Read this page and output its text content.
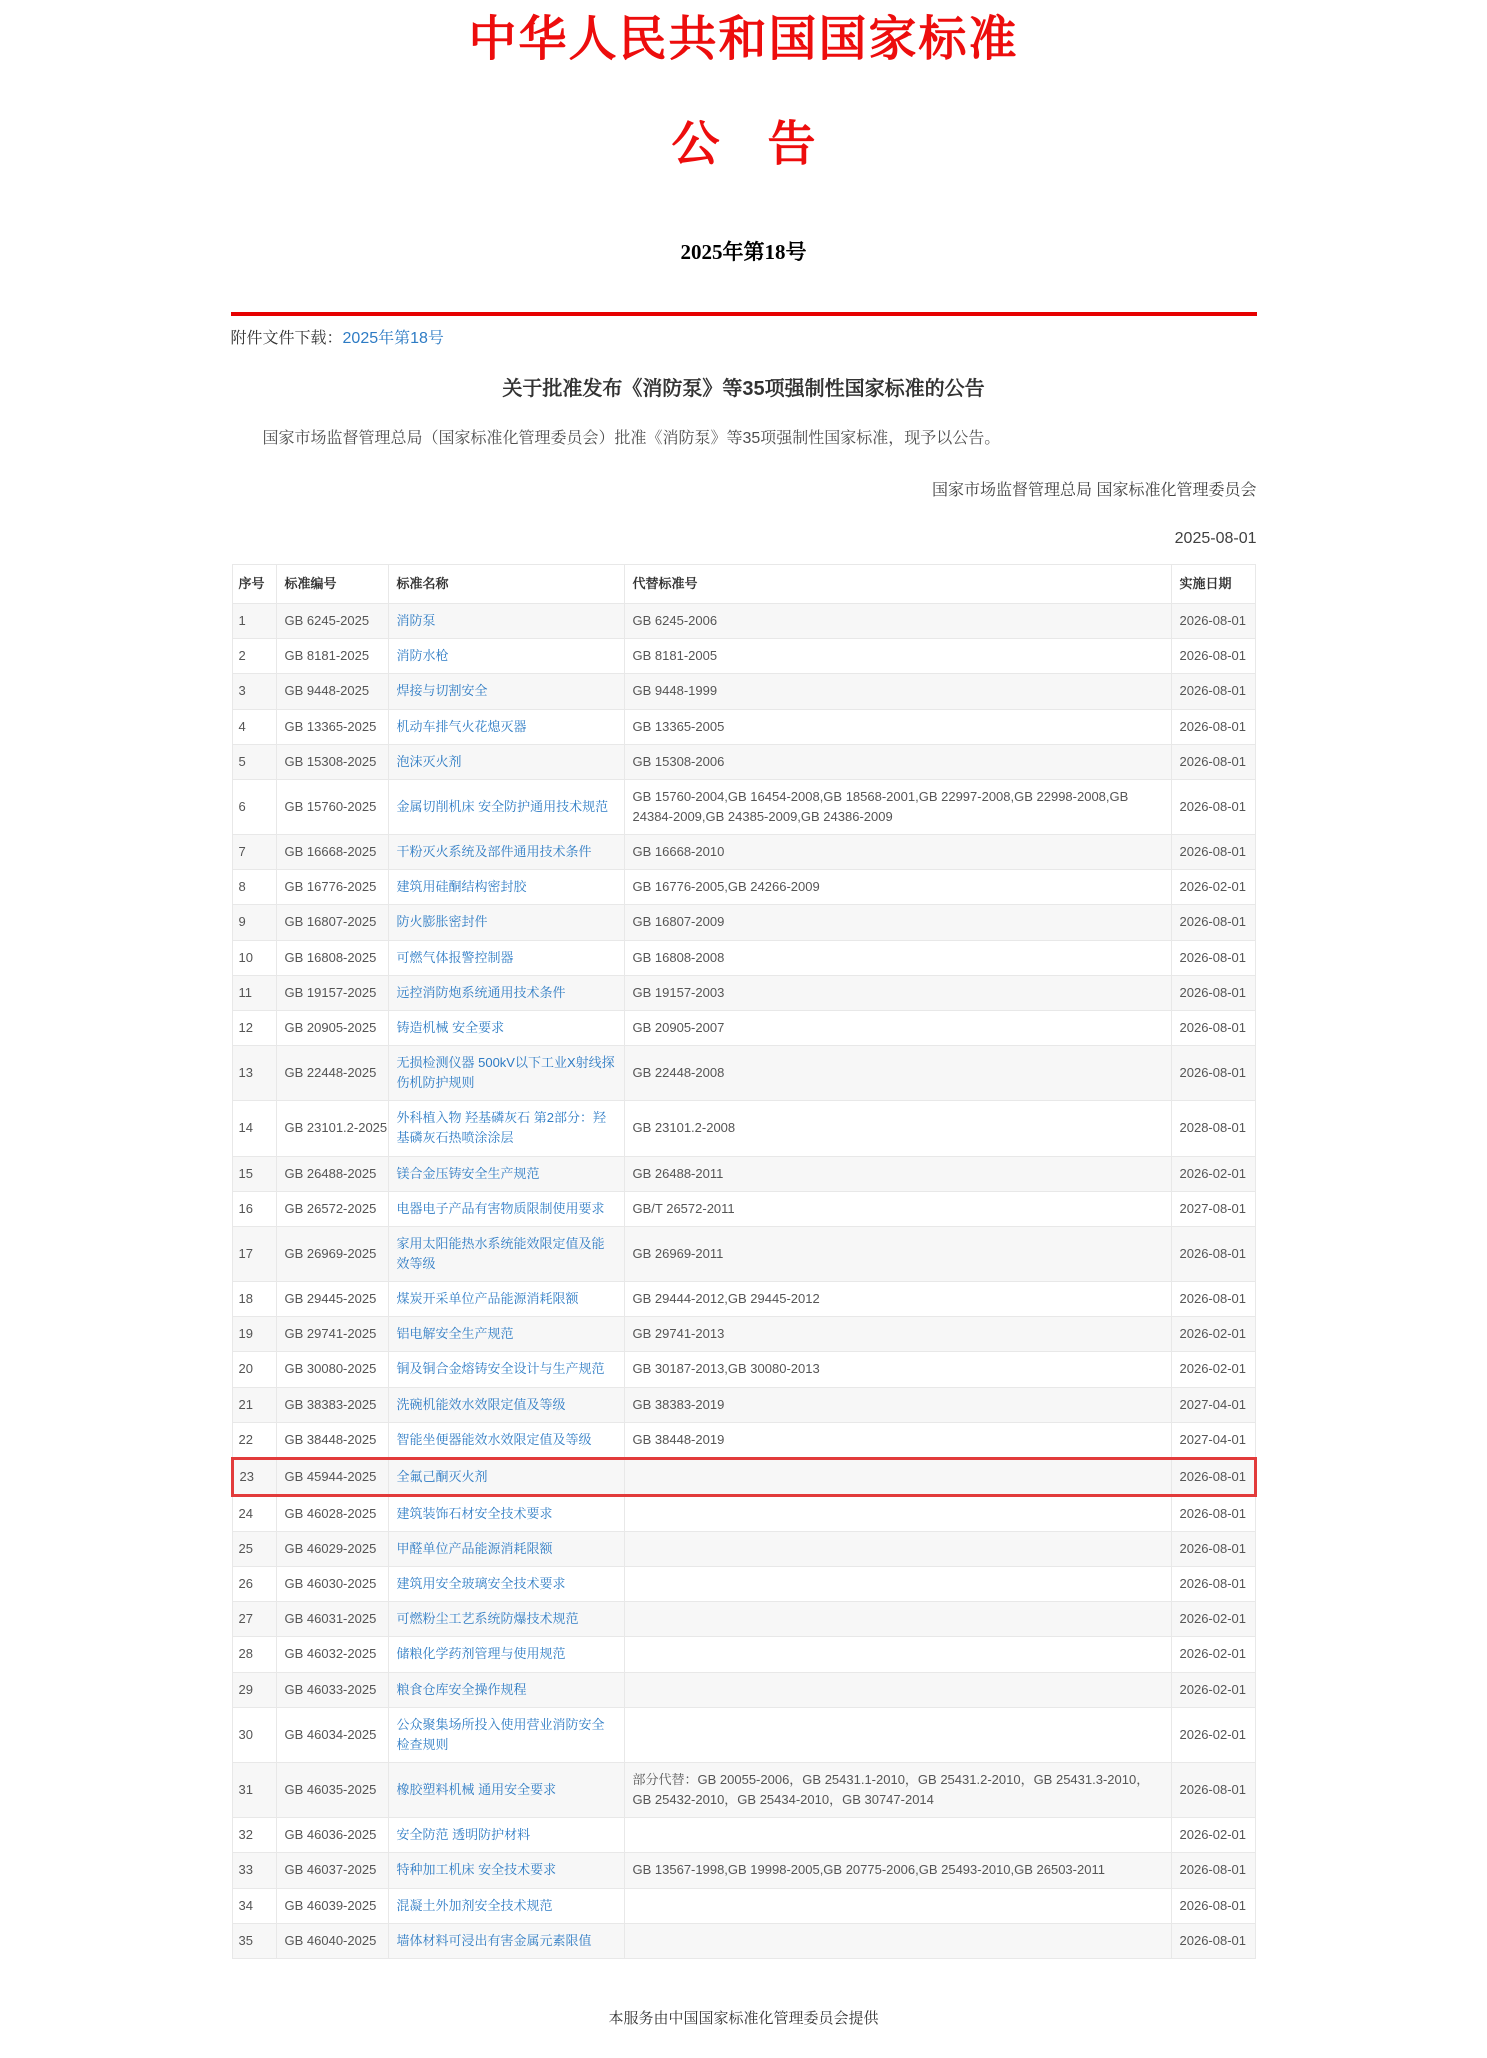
中华人民共和国国家标准
公　告
2025年第18号
附件文件下载：2025年第18号
关于批准发布《消防泵》等35项强制性国家标准的公告
国家市场监督管理总局（国家标准化管理委员会）批准《消防泵》等35项强制性国家标准，现予以公告。
国家市场监督管理总局 国家标准化管理委员会
2025-08-01
序号	标准编号	标准名称	代替标准号	实施日期
1	GB 6245-2025	消防泵	GB 6245-2006	2026-08-01
2	GB 8181-2025	消防水枪	GB 8181-2005	2026-08-01
3	GB 9448-2025	焊接与切割安全	GB 9448-1999	2026-08-01
4	GB 13365-2025	机动车排气火花熄灭器	GB 13365-2005	2026-08-01
5	GB 15308-2025	泡沫灭火剂	GB 15308-2006	2026-08-01
6	GB 15760-2025	金属切削机床 安全防护通用技术规范	GB 15760-2004,GB 16454-2008,GB 18568-2001,GB 22997-2008,GB 22998-2008,GB 24384-2009,GB 24385-2009,GB 24386-2009	2026-08-01
7	GB 16668-2025	干粉灭火系统及部件通用技术条件	GB 16668-2010	2026-08-01
8	GB 16776-2025	建筑用硅酮结构密封胶	GB 16776-2005,GB 24266-2009	2026-02-01
9	GB 16807-2025	防火膨胀密封件	GB 16807-2009	2026-08-01
10	GB 16808-2025	可燃气体报警控制器	GB 16808-2008	2026-08-01
11	GB 19157-2025	远控消防炮系统通用技术条件	GB 19157-2003	2026-08-01
12	GB 20905-2025	铸造机械 安全要求	GB 20905-2007	2026-08-01
13	GB 22448-2025	无损检测仪器 500kV以下工业X射线探伤机防护规则	GB 22448-2008	2026-08-01
14	GB 23101.2-2025	外科植入物 羟基磷灰石 第2部分：羟基磷灰石热喷涂涂层	GB 23101.2-2008	2028-08-01
15	GB 26488-2025	镁合金压铸安全生产规范	GB 26488-2011	2026-02-01
16	GB 26572-2025	电器电子产品有害物质限制使用要求	GB/T 26572-2011	2027-08-01
17	GB 26969-2025	家用太阳能热水系统能效限定值及能效等级	GB 26969-2011	2026-08-01
18	GB 29445-2025	煤炭开采单位产品能源消耗限额	GB 29444-2012,GB 29445-2012	2026-08-01
19	GB 29741-2025	铝电解安全生产规范	GB 29741-2013	2026-02-01
20	GB 30080-2025	铜及铜合金熔铸安全设计与生产规范	GB 30187-2013,GB 30080-2013	2026-02-01
21	GB 38383-2025	洗碗机能效水效限定值及等级	GB 38383-2019	2027-04-01
22	GB 38448-2025	智能坐便器能效水效限定值及等级	GB 38448-2019	2027-04-01
23	GB 45944-2025	全氟己酮灭火剂		2026-08-01
24	GB 46028-2025	建筑装饰石材安全技术要求		2026-08-01
25	GB 46029-2025	甲醛单位产品能源消耗限额		2026-08-01
26	GB 46030-2025	建筑用安全玻璃安全技术要求		2026-08-01
27	GB 46031-2025	可燃粉尘工艺系统防爆技术规范		2026-02-01
28	GB 46032-2025	储粮化学药剂管理与使用规范		2026-02-01
29	GB 46033-2025	粮食仓库安全操作规程		2026-02-01
30	GB 46034-2025	公众聚集场所投入使用营业消防安全检查规则		2026-02-01
31	GB 46035-2025	橡胶塑料机械 通用安全要求	部分代替：GB 20055-2006，GB 25431.1-2010，GB 25431.2-2010，GB 25431.3-2010，GB 25432-2010，GB 25434-2010，GB 30747-2014	2026-08-01
32	GB 46036-2025	安全防范 透明防护材料		2026-02-01
33	GB 46037-2025	特种加工机床 安全技术要求	GB 13567-1998,GB 19998-2005,GB 20775-2006,GB 25493-2010,GB 26503-2011	2026-08-01
34	GB 46039-2025	混凝土外加剂安全技术规范		2026-08-01
35	GB 46040-2025	墙体材料可浸出有害金属元素限值		2026-08-01
本服务由中国国家标准化管理委员会提供
